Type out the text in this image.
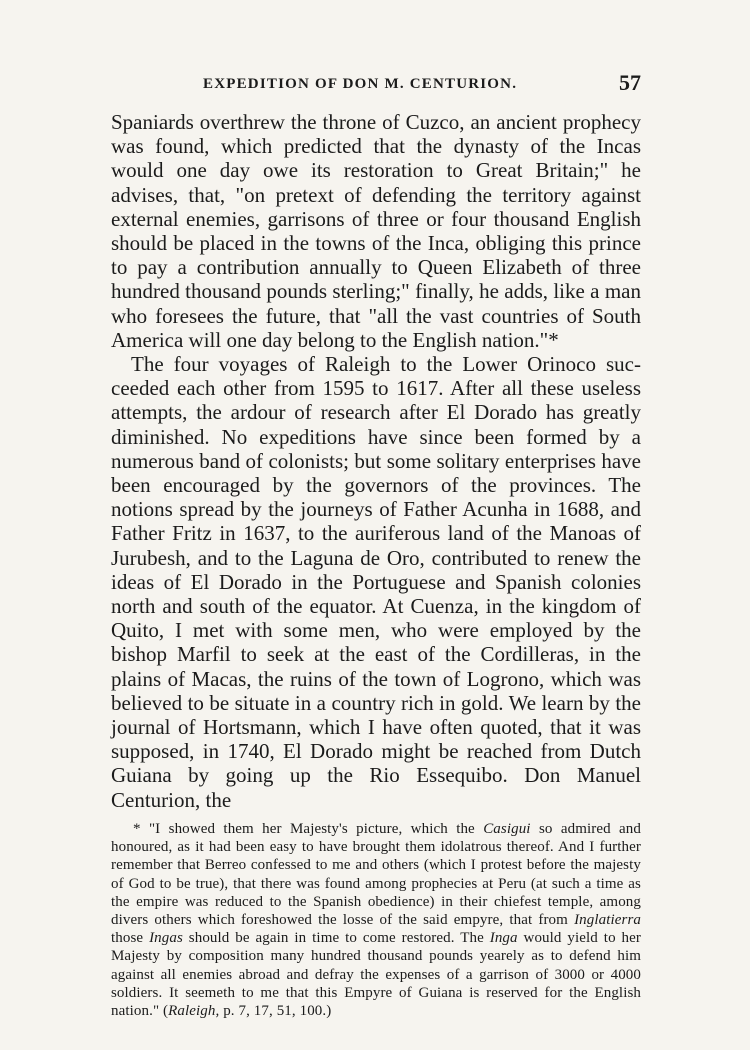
EXPEDITION OF DON M. CENTURION.	57

Spaniards overthrew the throne of Cuzco, an ancient prophecy was found, which predicted that the dynasty of the Incas would one day owe its restoration to Great Britain;" he advises, that, "on pretext of defending the territory against external enemies, garrisons of three or four thousand English should be placed in the towns of the Inca, obliging this prince to pay a contribution annually to Queen Elizabeth of three hundred thousand pounds sterling;" finally, he adds, like a man who foresees the future, that "all the vast countries of South America will one day belong to the English nation."*

The four voyages of Raleigh to the Lower Orinoco succeeded each other from 1595 to 1617. After all these useless attempts, the ardour of research after El Dorado has greatly diminished. No expeditions have since been formed by a numerous band of colonists; but some solitary enterprises have been encouraged by the governors of the provinces. The notions spread by the journeys of Father Acunha in 1688, and Father Fritz in 1637, to the auriferous land of the Manoas of Jurubesh, and to the Laguna de Oro, contributed to renew the ideas of El Dorado in the Portuguese and Spanish colonies north and south of the equator. At Cuenza, in the kingdom of Quito, I met with some men, who were employed by the bishop Marfil to seek at the east of the Cordilleras, in the plains of Macas, the ruins of the town of Logrono, which was believed to be situate in a country rich in gold. We learn by the journal of Hortsmann, which I have often quoted, that it was supposed, in 1740, El Dorado might be reached from Dutch Guiana by going up the Rio Essequibo. Don Manuel Centurion, the

* "I showed them her Majesty's picture, which the Casigui so admired and honoured, as it had been easy to have brought them idolatrous thereof. And I further remember that Berreo confessed to me and others (which I protest before the majesty of God to be true), that there was found among prophecies at Peru (at such a time as the empire was reduced to the Spanish obedience) in their chiefest temple, among divers others which foreshowed the losse of the said empyre, that from Inglatierra those Ingas should be again in time to come restored. The Inga would yield to her Majesty by composition many hundred thousand pounds yearely as to defend him against all enemies abroad and defray the expenses of a garrison of 3000 or 4000 soldiers. It seemeth to me that this Empyre of Guiana is reserved for the English nation." (Raleigh, p. 7, 17, 51, 100.)
